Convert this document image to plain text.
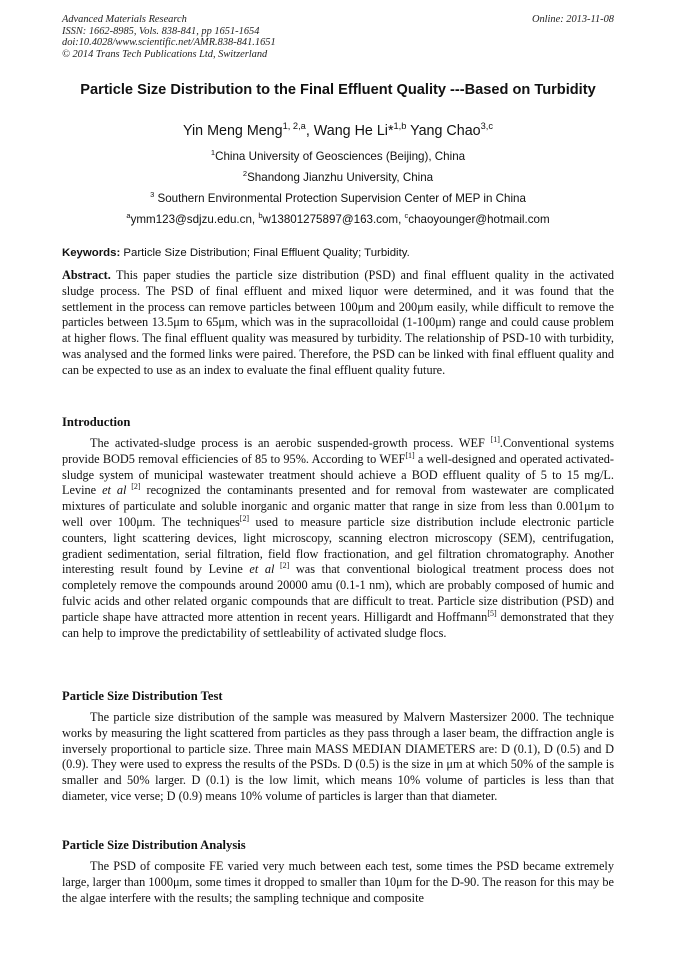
Advanced Materials Research
ISSN: 1662-8985, Vols. 838-841, pp 1651-1654
doi:10.4028/www.scientific.net/AMR.838-841.1651
© 2014 Trans Tech Publications Ltd, Switzerland
Online: 2013-11-08
Particle Size Distribution to the Final Effluent Quality ---Based on Turbidity
Yin Meng Meng$^{1, 2,a}$, Wang He Li*$^{1,b}$ Yang Chao$^{3,c}$
$^1$China University of Geosciences (Beijing), China
$^2$Shandong Jianzhu University, China
$^3$ Southern Environmental Protection Supervision Center of MEP in China
$^a$ymm123@sdjzu.edu.cn, $^b$w13801275897@163.com, $^c$chaoyounger@hotmail.com
Keywords: Particle Size Distribution; Final Effluent Quality; Turbidity.
Abstract. This paper studies the particle size distribution (PSD) and final effluent quality in the activated sludge process. The PSD of final effluent and mixed liquor were determined, and it was found that the settlement in the process can remove particles between 100μm and 200μm easily, while difficult to remove the particles between 13.5μm to 65μm, which was in the supracolloidal (1-100μm) range and could cause problem at higher flows. The final effluent quality was measured by turbidity. The relationship of PSD-10 with turbidity, was analysed and the formed links were paired. Therefore, the PSD can be linked with final effluent quality and can be expected to use as an index to evaluate the final effluent quality future.
Introduction
The activated-sludge process is an aerobic suspended-growth process. WEF [1].Conventional systems provide BOD5 removal efficiencies of 85 to 95%. According to WEF[1] a well-designed and operated activated-sludge system of municipal wastewater treatment should achieve a BOD effluent quality of 5 to 15 mg/L. Levine et al [2] recognized the contaminants presented and for removal from wastewater are complicated mixtures of particulate and soluble inorganic and organic matter that range in size from less than 0.001μm to well over 100μm. The techniques[2] used to measure particle size distribution include electronic particle counters, light scattering devices, light microscopy, scanning electron microscopy (SEM), centrifugation, gradient sedimentation, serial filtration, field flow fractionation, and gel filtration chromatography. Another interesting result found by Levine et al [2] was that conventional biological treatment process does not completely remove the compounds around 20000 amu (0.1-1 nm), which are probably composed of humic and fulvic acids and other related organic compounds that are difficult to treat. Particle size distribution (PSD) and particle shape have attracted more attention in recent years. Hilligardt and Hoffmann[5] demonstrated that they can help to improve the predictability of settleability of activated sludge flocs.
Particle Size Distribution Test
The particle size distribution of the sample was measured by Malvern Mastersizer 2000. The technique works by measuring the light scattered from particles as they pass through a laser beam, the diffraction angle is inversely proportional to particle size. Three main MASS MEDIAN DIAMETERS are: D (0.1), D (0.5) and D (0.9). They were used to express the results of the PSDs. D (0.5) is the size in μm at which 50% of the sample is smaller and 50% larger. D (0.1) is the low limit, which means 10% volume of particles is less than that diameter, vice verse; D (0.9) means 10% volume of particles is larger than that diameter.
Particle Size Distribution Analysis
The PSD of composite FE varied very much between each test, some times the PSD became extremely large, larger than 1000μm, some times it dropped to smaller than 10μm for the D-90. The reason for this may be the algae interfere with the results; the sampling technique and composite
